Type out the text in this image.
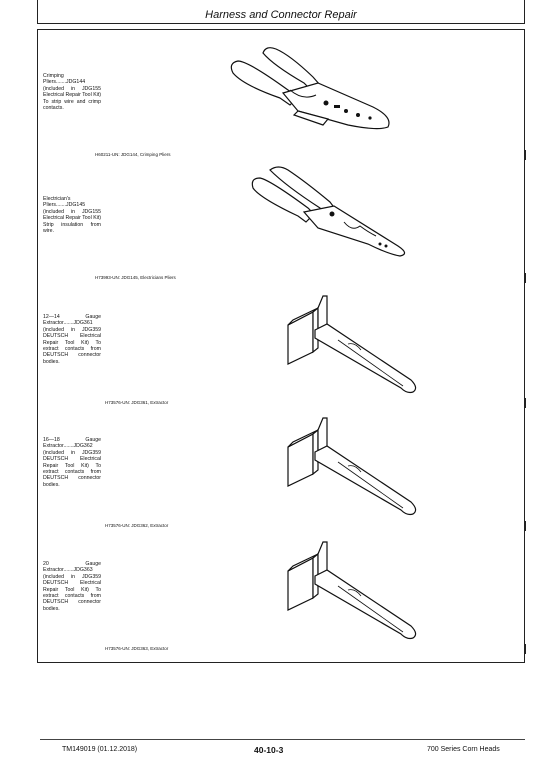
Harness and Connector Repair
Crimping Pliers.......JDG144 (included in JDG155 Electrical Repair Tool Kit) To strip wire and crimp contacts.
H60211-UN: JDG144, Crimping Pliers
Electrician's Pliers.......JDG145 (included in JDG155 Electrical Repair Tool Kit) Strip insulation from wire.
H73993-UN: JDG145, Electricians Pliers
12—14 Gauge Extractor.......JDG361 (included in JDG359 DEUTSCH Electrical Repair Tool Kit) To extract contacts from DEUTSCH connector bodies.
H73576-UN: JDG361, Extractor
16—18 Gauge Extractor.......JDG362 (included in JDG359 DEUTSCH Electrical Repair Tool Kit) To extract contacts from DEUTSCH connector bodies.
H73576-UN: JDG362, Extractor
20 Gauge Extractor.......JDG363 (included in JDG359 DEUTSCH Electrical Repair Tool Kit) To extract contacts from DEUTSCH connector bodies.
H73576-UN: JDG363, Extractor
TM149019 (01.12.2018)	40-10-3	700 Series Corn Heads
